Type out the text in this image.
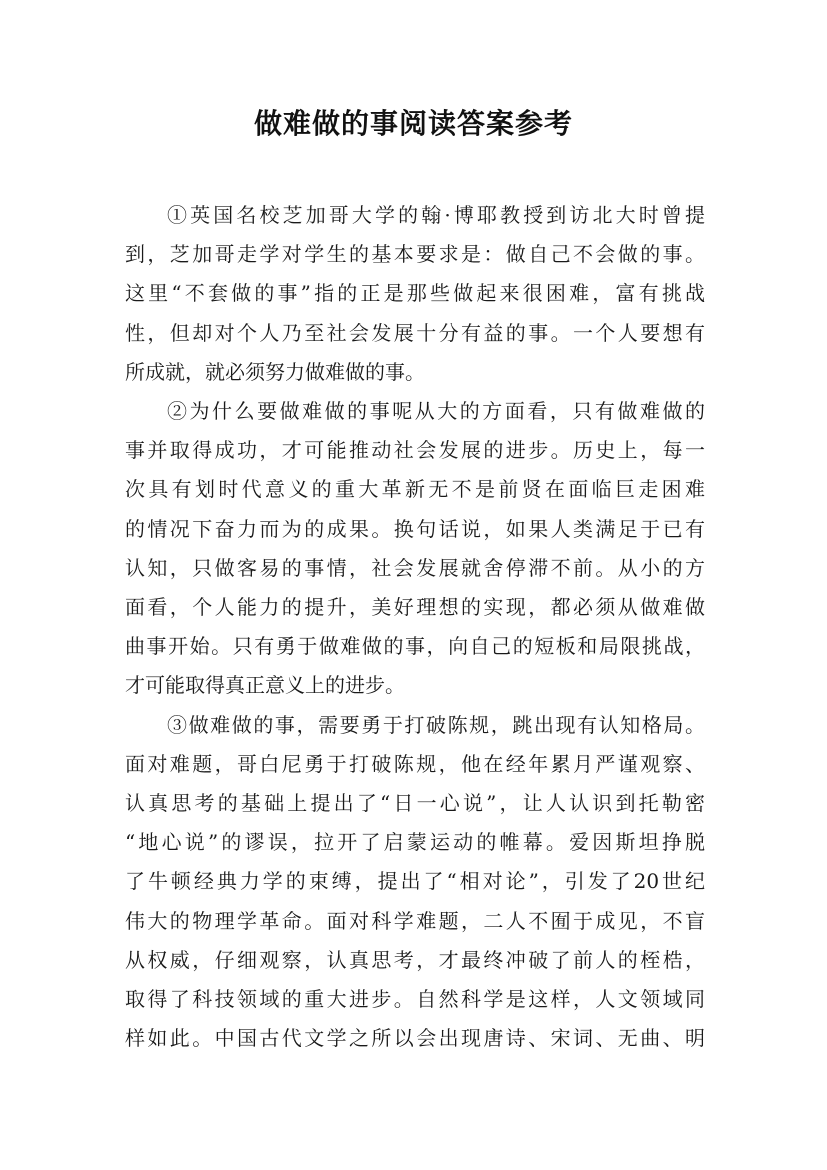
做难做的事阅读答案参考

①英国名校芝加哥大学的翰·博耶教授到访北大时曾提
到，芝加哥走学对学生的基本要求是：做自己不会做的事。
这里“不套做的事”指的正是那些做起来很困难，富有挑战
性，但却对个人乃至社会发展十分有益的事。一个人要想有
所成就，就必须努力做难做的事。

②为什么要做难做的事呢从大的方面看，只有做难做的
事并取得成功，才可能推动社会发展的进步。历史上，每一
次具有划时代意义的重大革新无不是前贤在面临巨走困难
的情况下奋力而为的成果。换句话说，如果人类满足于已有
认知，只做客易的事情，社会发展就舍停滞不前。从小的方
面看，个人能力的提升，美好理想的实现，都必须从做难做
曲事开始。只有勇于做难做的事，向自己的短板和局限挑战，
才可能取得真正意义上的进步。

③做难做的事，需要勇于打破陈规，跳出现有认知格局。
面对难题，哥白尼勇于打破陈规，他在经年累月严谨观察、
认真思考的基础上提出了“日一心说”，让人认识到托勒密
“地心说”的谬误，拉开了启蒙运动的帷幕。爱因斯坦挣脱
了牛顿经典力学的束缚，提出了“相对论”，引发了20世纪
伟大的物理学革命。面对科学难题，二人不囿于成见，不盲
从权威，仔细观察，认真思考，才最终冲破了前人的桎梏，
取得了科技领域的重大进步。自然科学是这样，人文领域同
样如此。中国古代文学之所以会出现唐诗、宋词、无曲、明
